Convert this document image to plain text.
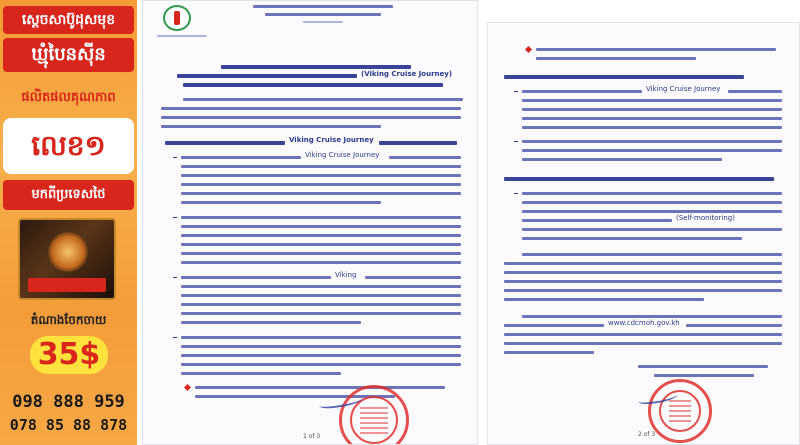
ស្ដេចសាប៊ូដុសមុខ
ឃ្មុំបៃនស៊ីន
ផលិតផលគុណភាព
លេខ១
មកពីប្រទេសថៃ
តំណាងចែកចាយ
35$
098 888 959
078 85 88 878
(Viking Cruise Journey)
Viking Cruise Journey
Viking Cruise Journey
Viking
1 of 3
Viking Cruise Journey
(Self-monitoring)
www.cdcmoh.gov.kh
2 of 3
